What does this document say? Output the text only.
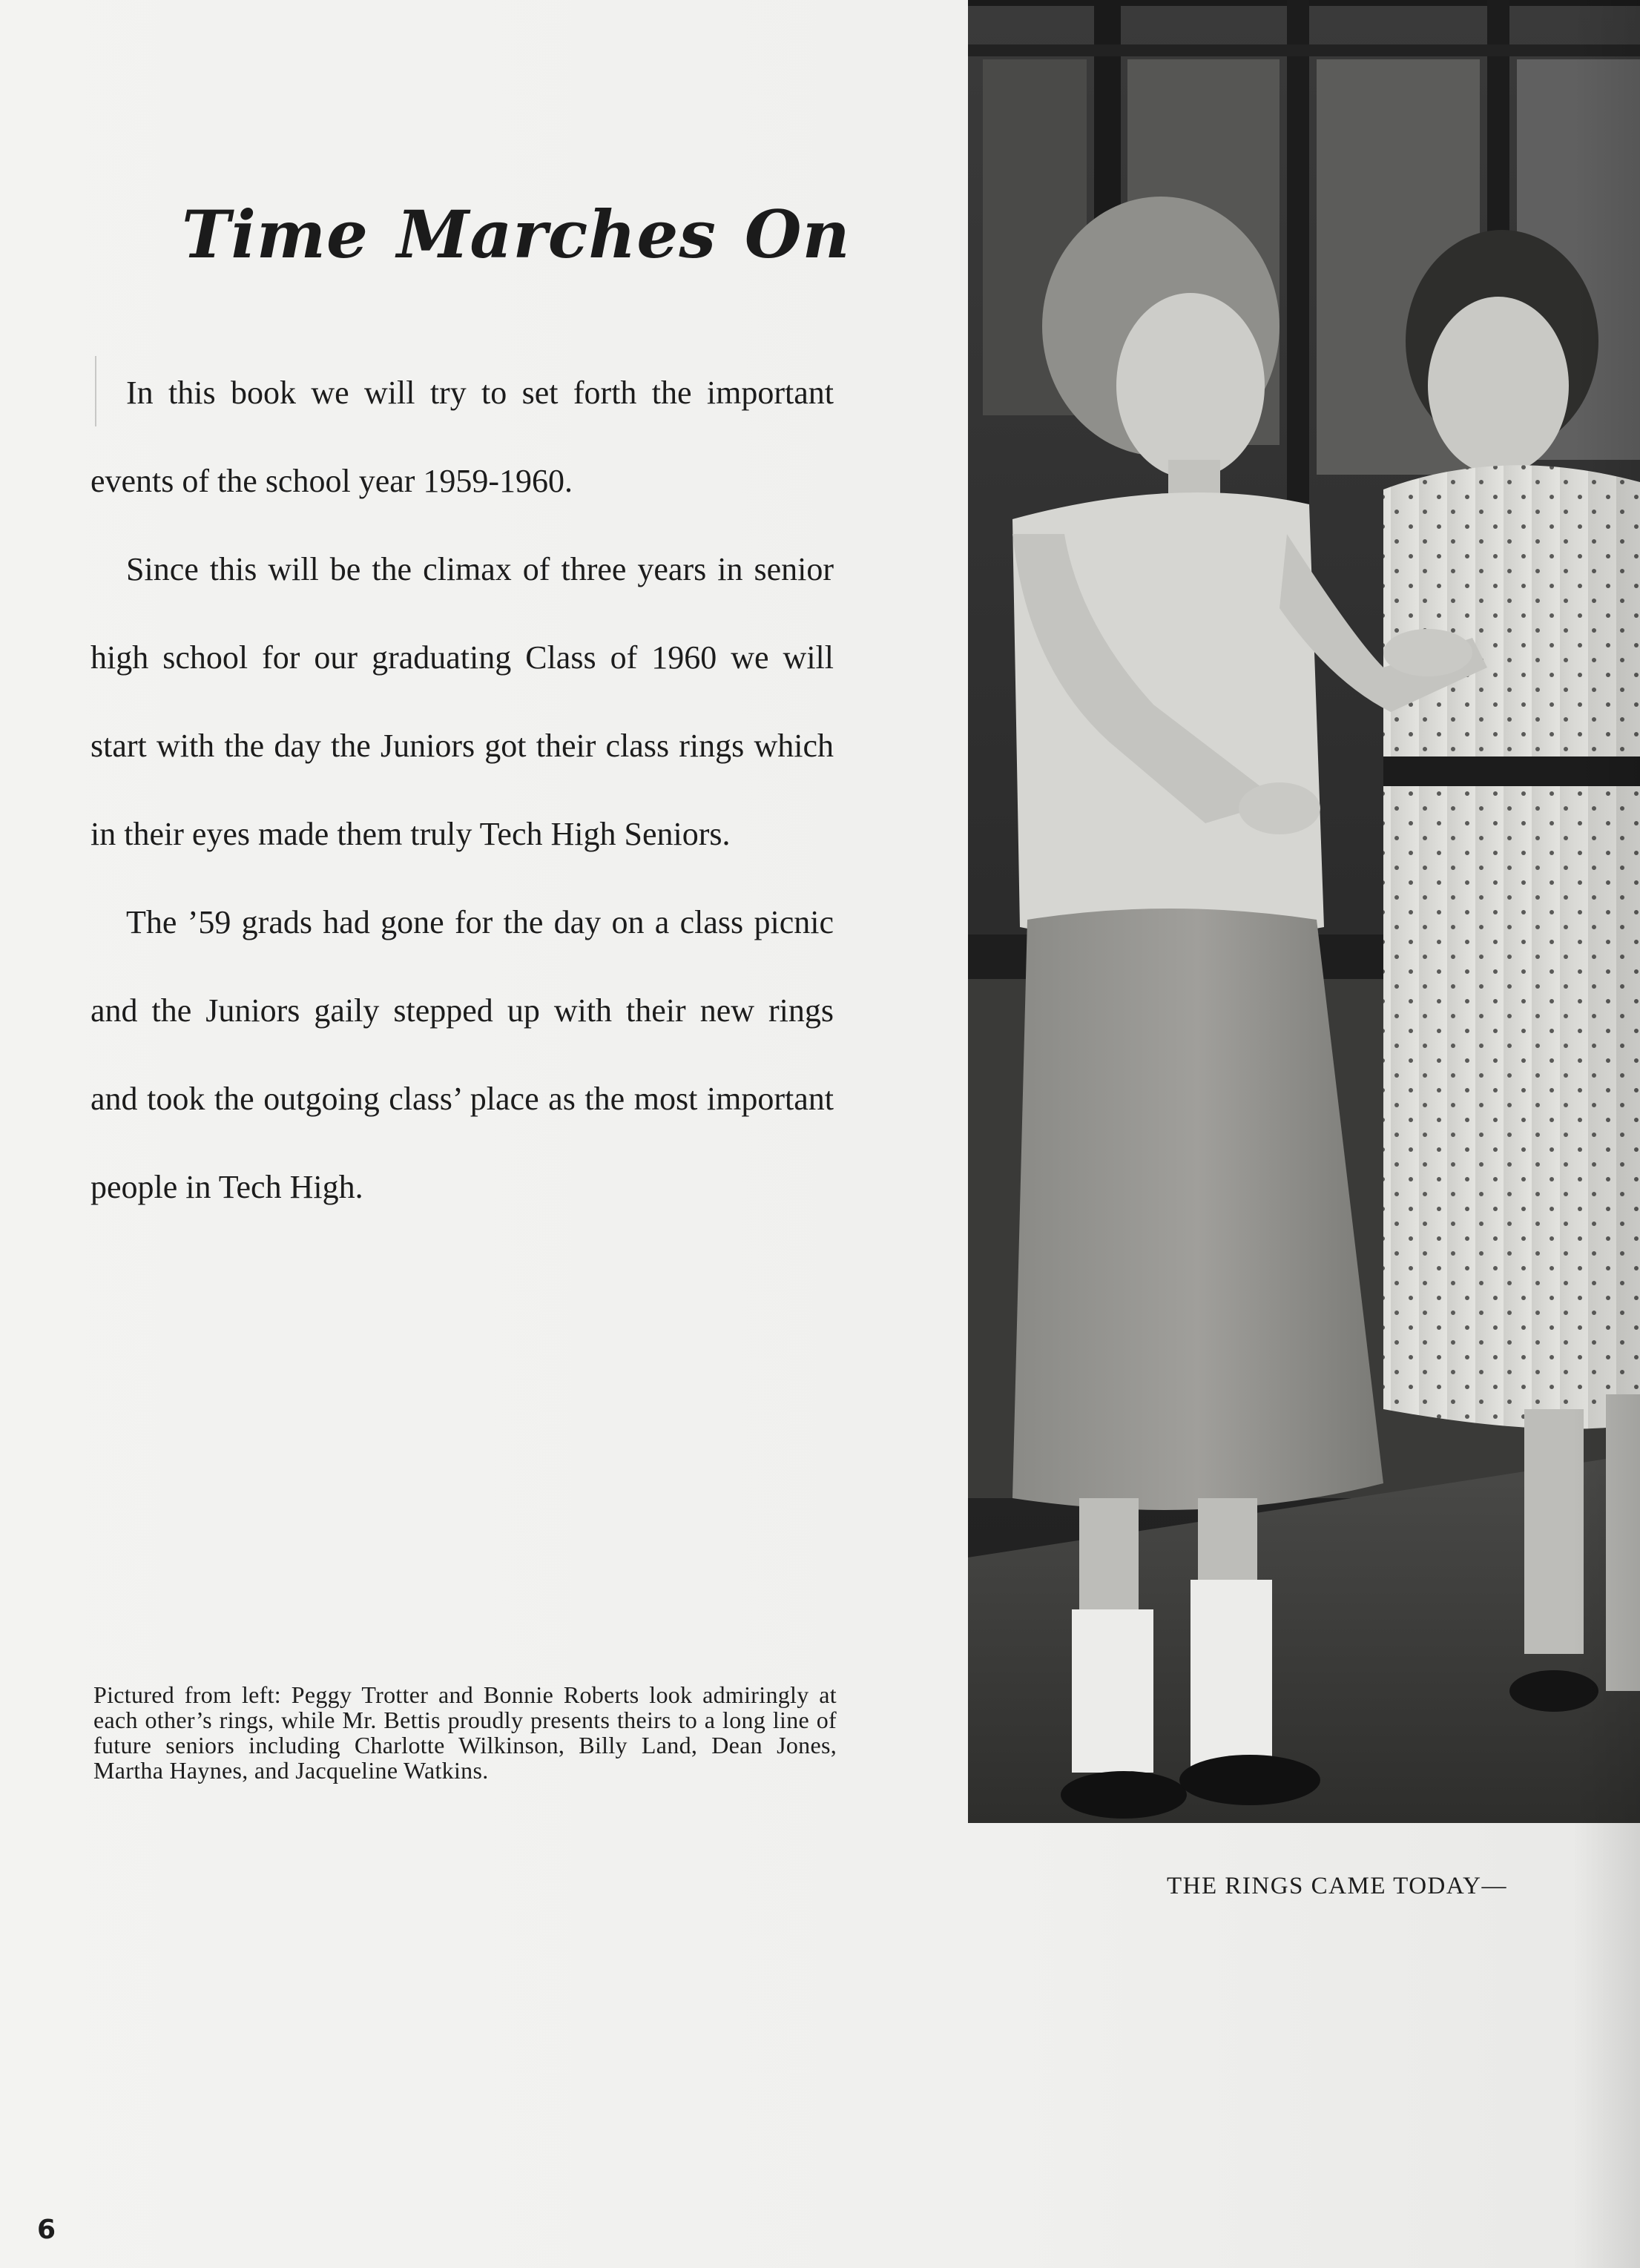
Time Marches On

In this book we will try to set forth the important events of the school year 1959-1960.

Since this will be the climax of three years in senior high school for our graduating Class of 1960 we will start with the day the Juniors got their class rings which in their eyes made them truly Tech High Seniors.

The ’59 grads had gone for the day on a class picnic and the Juniors gaily stepped up with their new rings and took the outgoing class’ place as the most important people in Tech High.

Pictured from left: Peggy Trotter and Bonnie Roberts look admiringly at each other’s rings, while Mr. Bettis proudly presents theirs to a long line of future seniors including Charlotte Wilkinson, Billy Land, Dean Jones, Martha Haynes, and Jacqueline Watkins.
THE RINGS CAME TODAY—
6
